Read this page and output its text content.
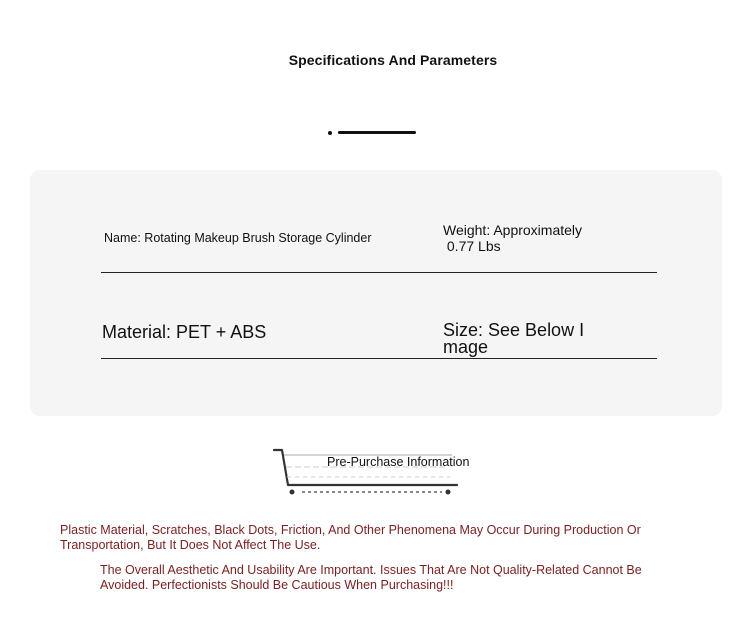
Specifications And Parameters
Name: Rotating Makeup Brush Storage Cylinder	Weight: Approximately
0.77 Lbs
Material: PET + ABS	Size: See Below I
mage
Pre-Purchase Information
Plastic Material, Scratches, Black Dots, Friction, And Other Phenomena May Occur During Production Or Transportation, But It Does Not Affect The Use.
The Overall Aesthetic And Usability Are Important. Issues That Are Not Quality-Related Cannot Be Avoided. Perfectionists Should Be Cautious When Purchasing!!!
